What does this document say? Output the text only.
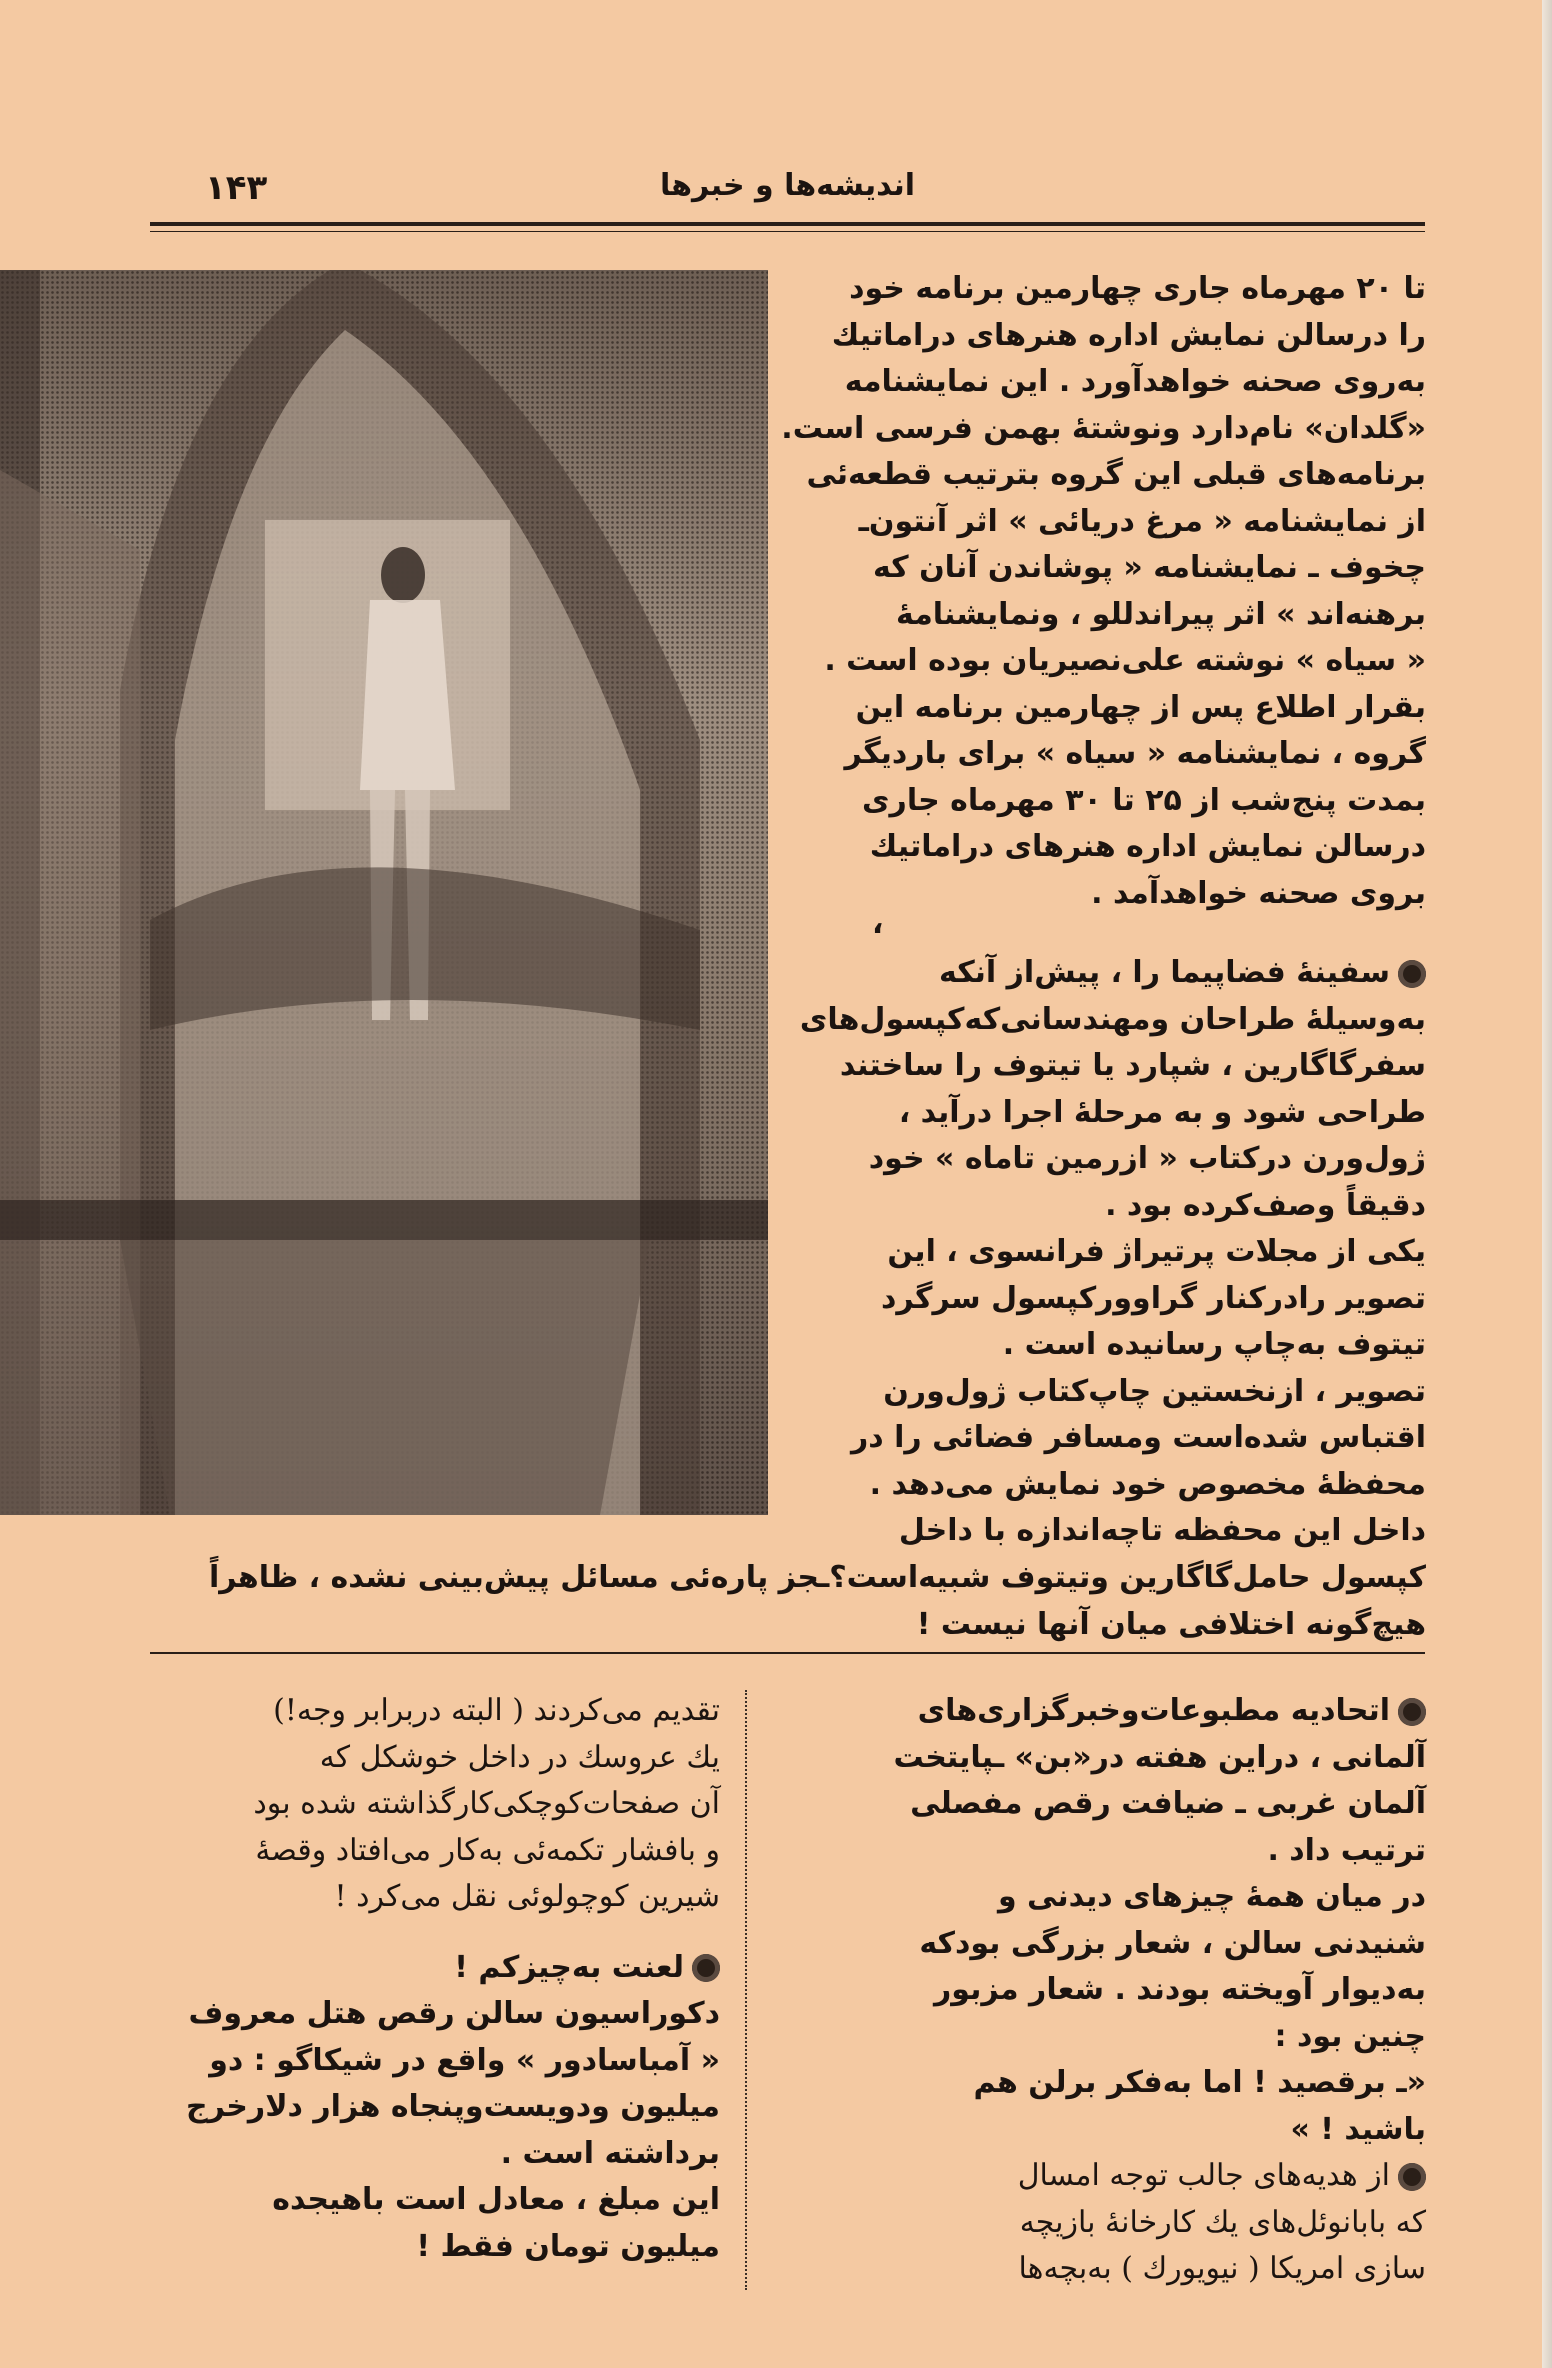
۱۴۳	اندیشه‌ها و خبرها
تا ۲۰ مهرماه جاری چهارمین برنامه خود
را درسالن نمایش اداره هنرهای دراماتیك
به‌روی صحنه خواهدآورد . این نمایشنامه
«گلدان» نام‌دارد ونوشتهٔ بهمن فرسی است.
برنامه‌های قبلی این گروه بترتیب قطعه‌ئی
از نمایشنامه « مرغ دریائی » اثر آنتون‌ـ
چخوف ـ نمایشنامه « پوشاندن آنان که
برهنه‌اند » اثر پیراندللو ، ونمایشنامهٔ
« سیاه » نوشته علی‌نصیریان بوده است .
بقرار اطلاع پس از چهارمین برنامه این
گروه ، نمایشنامه « سیاه » برای باردیگر
بمدت پنج‌شب از ۲۵ تا ۳۰ مهرماه جاری
درسالن نمایش اداره هنرهای دراماتیك
بروی صحنه خواهدآمد .
،
سفینهٔ فضاپیما را ، پیش‌از آنکه
به‌وسیلهٔ طراحان ومهندسانی‌که‌کپسول‌های
سفرگاگارین ، شپارد یا تیتوف را ساختند
طراحی شود و به مرحلهٔ اجرا درآید ،
ژول‌ورن درکتاب « ازرمین تاماه » خود
دقیقاً وصف‌کرده بود .
یکی از مجلات پرتیراژ فرانسوی ، این
تصویر رادرکنار گراوورکپسول سرگرد
تیتوف به‌چاپ رسانیده است .
تصویر ، ازنخستین چاپ‌کتاب ژول‌ورن
اقتباس شده‌است ومسافر فضائی را در
محفظهٔ مخصوص خود نمایش می‌دهد .
داخل این محفظه تاچه‌اندازه با داخل
کپسول حامل‌گاگارین وتیتوف شبیه‌است؟ـجز پاره‌ئی مسائل پیش‌بینی نشده ، ظاهراً
هیچ‌گونه اختلافی میان آنها نیست !
اتحادیه مطبوعات‌وخبرگزاری‌های
آلمانی ، دراین هفته در«بن» ـپایتخت
آلمان غربی ـ ضیافت رقص مفصلی
ترتیب داد .
در میان همهٔ چیزهای دیدنی و
شنیدنی سالن ، شعار بزرگی بودکه
به‌دیوار آویخته بودند . شعار مزبور
چنین بود :
«ـ برقصید ! اما به‌فکر برلن هم
باشید ! »
از هدیه‌های جالب توجه امسال
که بابانوئل‌های یك کارخانهٔ بازیچه
سازی امریکا ( نیویورك ) به‌بچه‌ها
تقدیم می‌کردند ( البته دربرابر وجه!)
یك عروسك در داخل خوشکل که
آن صفحات‌کوچکی‌کارگذاشته شده بود
و بافشار تکمه‌ئی به‌کار می‌افتاد وقصهٔ
شیرین کوچولوئی نقل می‌کرد !
لعنت به‌چیزکم !
دکوراسیون سالن رقص هتل معروف
« آمباسادور » واقع در شیکاگو : دو
میلیون ودویست‌وپنجاه هزار دلارخرج
برداشته است .
این مبلغ ، معادل است باهیجده
میلیون تومان فقط !
